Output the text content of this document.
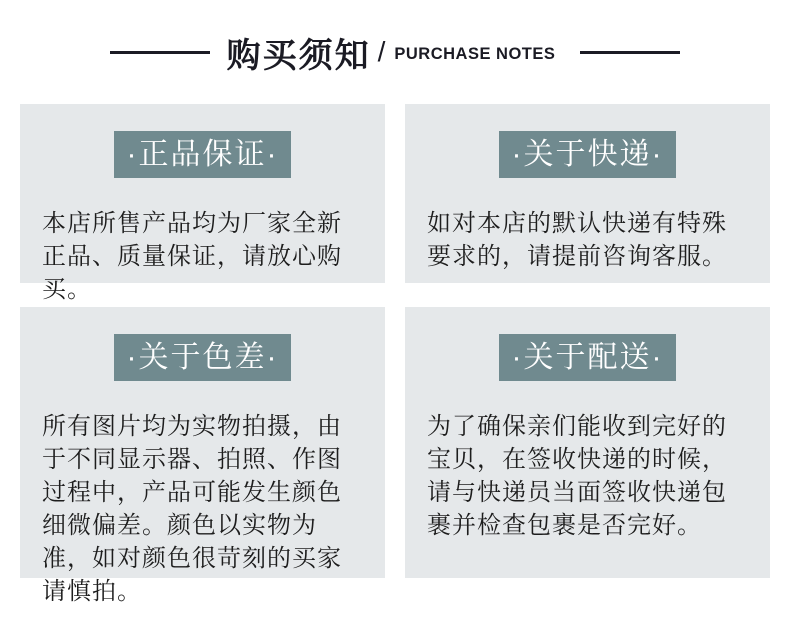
购买须知 / PURCHASE NOTES
·正品保证·

本店所售产品均为厂家全新正品、质量保证，请放心购买。

·关于快递·

如对本店的默认快递有特殊要求的，请提前咨询客服。

·关于色差·

所有图片均为实物拍摄，由于不同显示器、拍照、作图过程中，产品可能发生颜色细微偏差。颜色以实物为准，如对颜色很苛刻的买家请慎拍。

·关于配送·

为了确保亲们能收到完好的宝贝，在签收快递的时候，请与快递员当面签收快递包裹并检查包裹是否完好。
